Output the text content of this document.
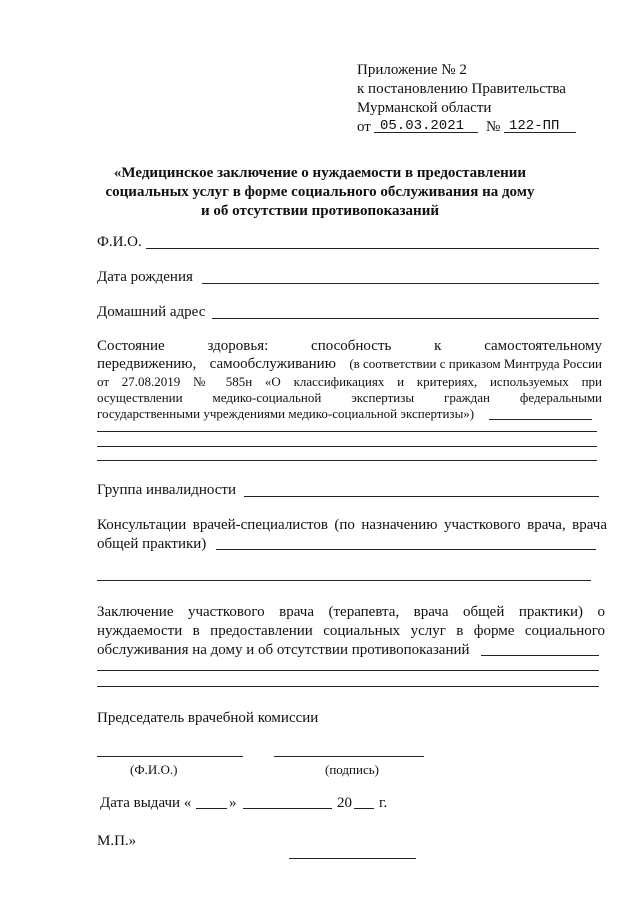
Приложение № 2
к постановлению Правительства
Мурманской области
от 05.03.2021 № 122-ПП
«Медицинское заключение о нуждаемости в предоставлении
социальных услуг в форме социального обслуживания на дому
и об отсутствии противопоказаний
Ф.И.О.
Дата рождения
Домашний адрес
Состояние	здоровья:	способность	к	самостоятельному
передвижению, самообслуживанию (в соответствии с приказом Минтруда России
от 27.08.2019 № 585н «О классификациях и критериях, используемых при
осуществлении медико-социальной экспертизы граждан федеральными
государственными учреждениями медико-социальной экспертизы»)
Группа инвалидности
Консультации врачей-специалистов (по назначению участкового врача, врача
общей практики)
Заключение участкового врача (терапевта, врача общей практики) о
нуждаемости в предоставлении социальных услуг в форме социального
обслуживания на дому и об отсутствии противопоказаний
Председатель врачебной комиссии
(Ф.И.О.)	(подпись)
Дата выдачи «	»	20 г.
М.П.»
